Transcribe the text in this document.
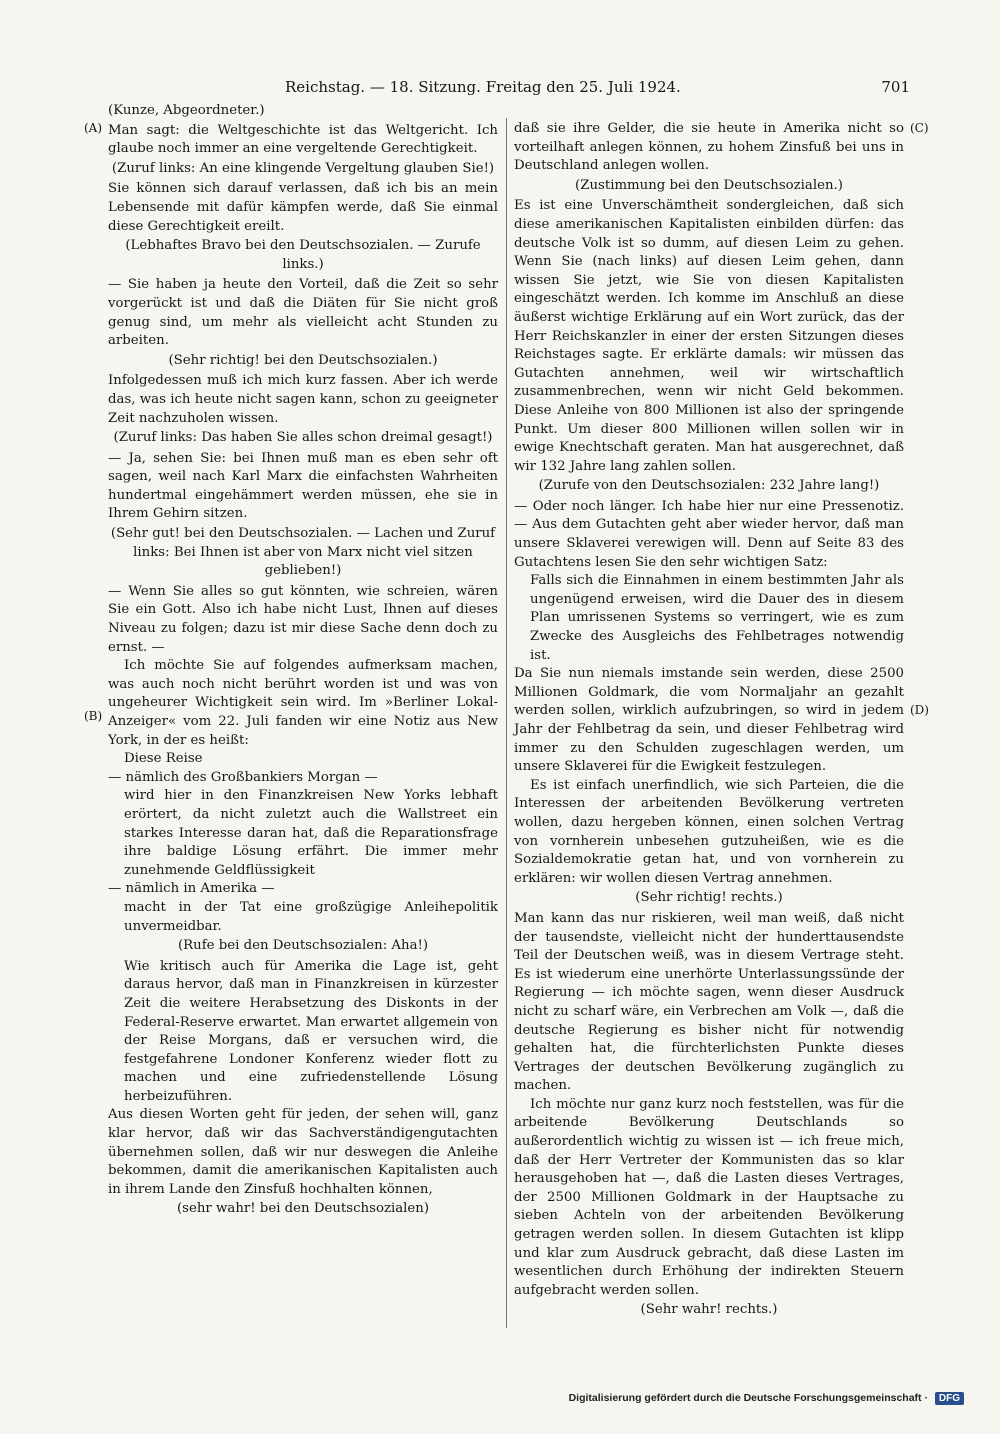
Reichstag. — 18. Sitzung. Freitag den 25. Juli 1924.	701
(A)
(B)
(C)
(D)

(Kunze, Abgeordneter.)

Man sagt: die Weltgeschichte ist das Weltgericht. Ich glaube noch immer an eine vergeltende Gerechtigkeit.

(Zuruf links: An eine klingende Vergeltung glauben Sie!)

Sie können sich darauf verlassen, daß ich bis an mein Lebensende mit dafür kämpfen werde, daß Sie einmal diese Gerechtigkeit ereilt.

(Lebhaftes Bravo bei den Deutschsozialen. — Zurufe links.)

— Sie haben ja heute den Vorteil, daß die Zeit so sehr vorgerückt ist und daß die Diäten für Sie nicht groß genug sind, um mehr als vielleicht acht Stunden zu arbeiten.

(Sehr richtig! bei den Deutschsozialen.)

Infolgedessen muß ich mich kurz fassen. Aber ich werde das, was ich heute nicht sagen kann, schon zu geeigneter Zeit nachzuholen wissen.

(Zuruf links: Das haben Sie alles schon dreimal gesagt!)

— Ja, sehen Sie: bei Ihnen muß man es eben sehr oft sagen, weil nach Karl Marx die einfachsten Wahrheiten hundertmal eingehämmert werden müssen, ehe sie in Ihrem Gehirn sitzen.

(Sehr gut! bei den Deutschsozialen. — Lachen und Zuruf links: Bei Ihnen ist aber von Marx nicht viel sitzen geblieben!)

— Wenn Sie alles so gut könnten, wie schreien, wären Sie ein Gott. Also ich habe nicht Lust, Ihnen auf dieses Niveau zu folgen; dazu ist mir diese Sache denn doch zu ernst. —

Ich möchte Sie auf folgendes aufmerksam machen, was auch noch nicht berührt worden ist und was von ungeheurer Wichtigkeit sein wird. Im »Berliner Lokal-Anzeiger« vom 22. Juli fanden wir eine Notiz aus New York, in der es heißt:

Diese Reise

— nämlich des Großbankiers Morgan —

wird hier in den Finanzkreisen New Yorks lebhaft erörtert, da nicht zuletzt auch die Wallstreet ein starkes Interesse daran hat, daß die Reparationsfrage ihre baldige Lösung erfährt. Die immer mehr zunehmende Geldflüssigkeit

— nämlich in Amerika —

macht in der Tat eine großzügige Anleihepolitik unvermeidbar.

(Rufe bei den Deutschsozialen: Aha!)

Wie kritisch auch für Amerika die Lage ist, geht daraus hervor, daß man in Finanzkreisen in kürzester Zeit die weitere Herabsetzung des Diskonts in der Federal-Reserve erwartet. Man erwartet allgemein von der Reise Morgans, daß er versuchen wird, die festgefahrene Londoner Konferenz wieder flott zu machen und eine zufriedenstellende Lösung herbeizuführen.

Aus diesen Worten geht für jeden, der sehen will, ganz klar hervor, daß wir das Sachverständigengutachten übernehmen sollen, daß wir nur deswegen die Anleihe bekommen, damit die amerikanischen Kapitalisten auch in ihrem Lande den Zinsfuß hochhalten können,

(sehr wahr! bei den Deutschsozialen)

daß sie ihre Gelder, die sie heute in Amerika nicht so vorteilhaft anlegen können, zu hohem Zinsfuß bei uns in Deutschland anlegen wollen.

(Zustimmung bei den Deutschsozialen.)

Es ist eine Unverschämtheit sondergleichen, daß sich diese amerikanischen Kapitalisten einbilden dürfen: das deutsche Volk ist so dumm, auf diesen Leim zu gehen. Wenn Sie (nach links) auf diesen Leim gehen, dann wissen Sie jetzt, wie Sie von diesen Kapitalisten eingeschätzt werden. Ich komme im Anschluß an diese äußerst wichtige Erklärung auf ein Wort zurück, das der Herr Reichskanzler in einer der ersten Sitzungen dieses Reichstages sagte. Er erklärte damals: wir müssen das Gutachten annehmen, weil wir wirtschaftlich zusammenbrechen, wenn wir nicht Geld bekommen. Diese Anleihe von 800 Millionen ist also der springende Punkt. Um dieser 800 Millionen willen sollen wir in ewige Knechtschaft geraten. Man hat ausgerechnet, daß wir 132 Jahre lang zahlen sollen.

(Zurufe von den Deutschsozialen: 232 Jahre lang!)

— Oder noch länger. Ich habe hier nur eine Pressenotiz. — Aus dem Gutachten geht aber wieder hervor, daß man unsere Sklaverei verewigen will. Denn auf Seite 83 des Gutachtens lesen Sie den sehr wichtigen Satz:

Falls sich die Einnahmen in einem bestimmten Jahr als ungenügend erweisen, wird die Dauer des in diesem Plan umrissenen Systems so verringert, wie es zum Zwecke des Ausgleichs des Fehlbetrages notwendig ist.

Da Sie nun niemals imstande sein werden, diese 2500 Millionen Goldmark, die vom Normaljahr an gezahlt werden sollen, wirklich aufzubringen, so wird in jedem Jahr der Fehlbetrag da sein, und dieser Fehlbetrag wird immer zu den Schulden zugeschlagen werden, um unsere Sklaverei für die Ewigkeit festzulegen.

Es ist einfach unerfindlich, wie sich Parteien, die die Interessen der arbeitenden Bevölkerung vertreten wollen, dazu hergeben können, einen solchen Vertrag von vornherein unbesehen gutzuheißen, wie es die Sozialdemokratie getan hat, und von vornherein zu erklären: wir wollen diesen Vertrag annehmen.

(Sehr richtig! rechts.)

Man kann das nur riskieren, weil man weiß, daß nicht der tausendste, vielleicht nicht der hunderttausendste Teil der Deutschen weiß, was in diesem Vertrage steht. Es ist wiederum eine unerhörte Unterlassungssünde der Regierung — ich möchte sagen, wenn dieser Ausdruck nicht zu scharf wäre, ein Verbrechen am Volk —, daß die deutsche Regierung es bisher nicht für notwendig gehalten hat, die fürchterlichsten Punkte dieses Vertrages der deutschen Bevölkerung zugänglich zu machen.

Ich möchte nur ganz kurz noch feststellen, was für die arbeitende Bevölkerung Deutschlands so außerordentlich wichtig zu wissen ist — ich freue mich, daß der Herr Vertreter der Kommunisten das so klar herausgehoben hat —, daß die Lasten dieses Vertrages, der 2500 Millionen Goldmark in der Hauptsache zu sieben Achteln von der arbeitenden Bevölkerung getragen werden sollen. In diesem Gutachten ist klipp und klar zum Ausdruck gebracht, daß diese Lasten im wesentlichen durch Erhöhung der indirekten Steuern aufgebracht werden sollen.

(Sehr wahr! rechts.)

Digitalisierung gefördert durch die Deutsche Forschungsgemeinschaft · DFG
